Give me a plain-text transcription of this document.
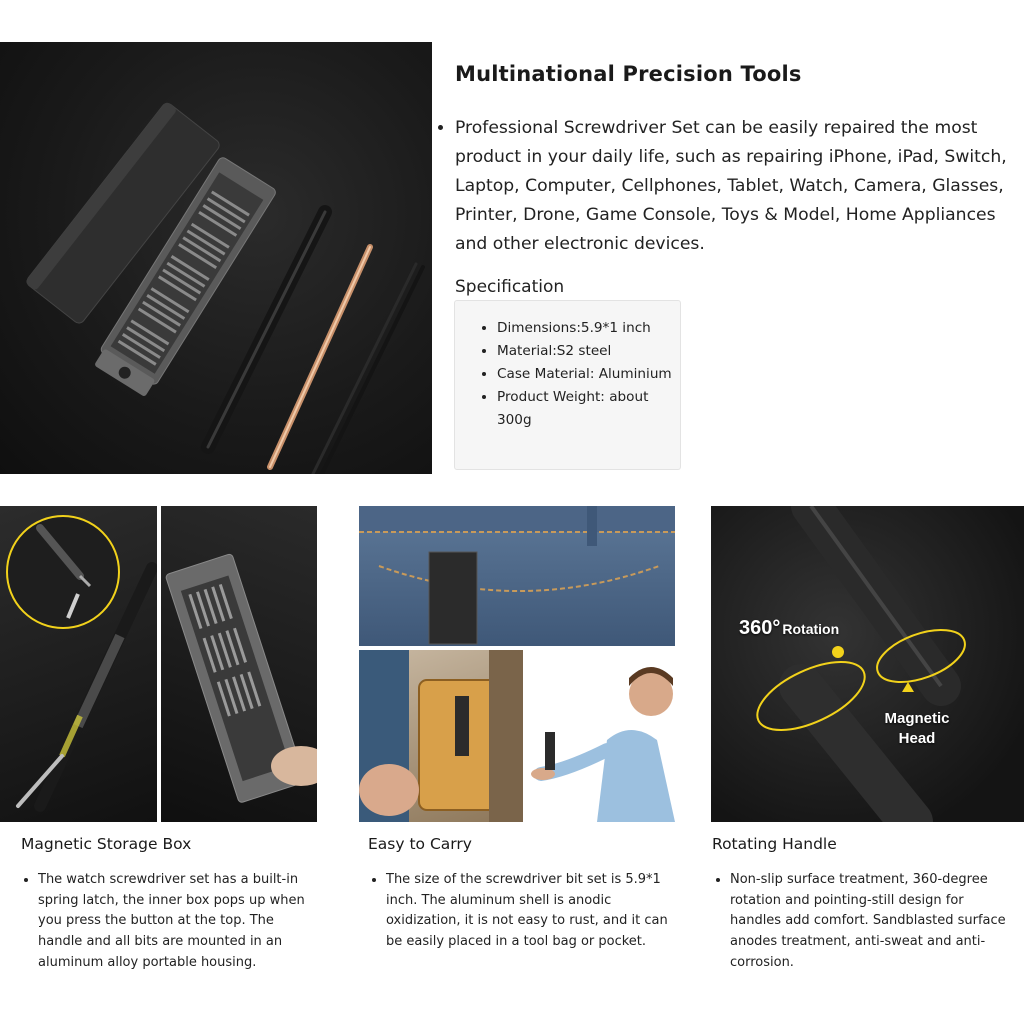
Multinational Precision Tools
• Professional Screwdriver Set can be easily repaired the most product in your daily life, such as repairing iPhone, iPad, Switch, Laptop, Computer, Cellphones, Tablet, Watch, Camera, Glasses, Printer, Drone, Game Console, Toys & Model, Home Appliances and other electronic devices.
Specification
• Dimensions:5.9*1 inch
• Material:S2 steel
• Case Material: Aluminium
• Product Weight: about 300g
360° Rotation
Magnetic
Head
Magnetic Storage Box
• The watch screwdriver set has a built-in spring latch, the inner box pops up when you press the button at the top. The handle and all bits are mounted in an aluminum alloy portable housing.
Easy to Carry
• The size of the screwdriver bit set is 5.9*1 inch. The aluminum shell is anodic oxidization, it is not easy to rust, and it can be easily placed in a tool bag or pocket.
Rotating Handle
• Non-slip surface treatment, 360-degree rotation and pointing-still design for handles add comfort. Sandblasted surface anodes treatment, anti-sweat and anti-corrosion.
